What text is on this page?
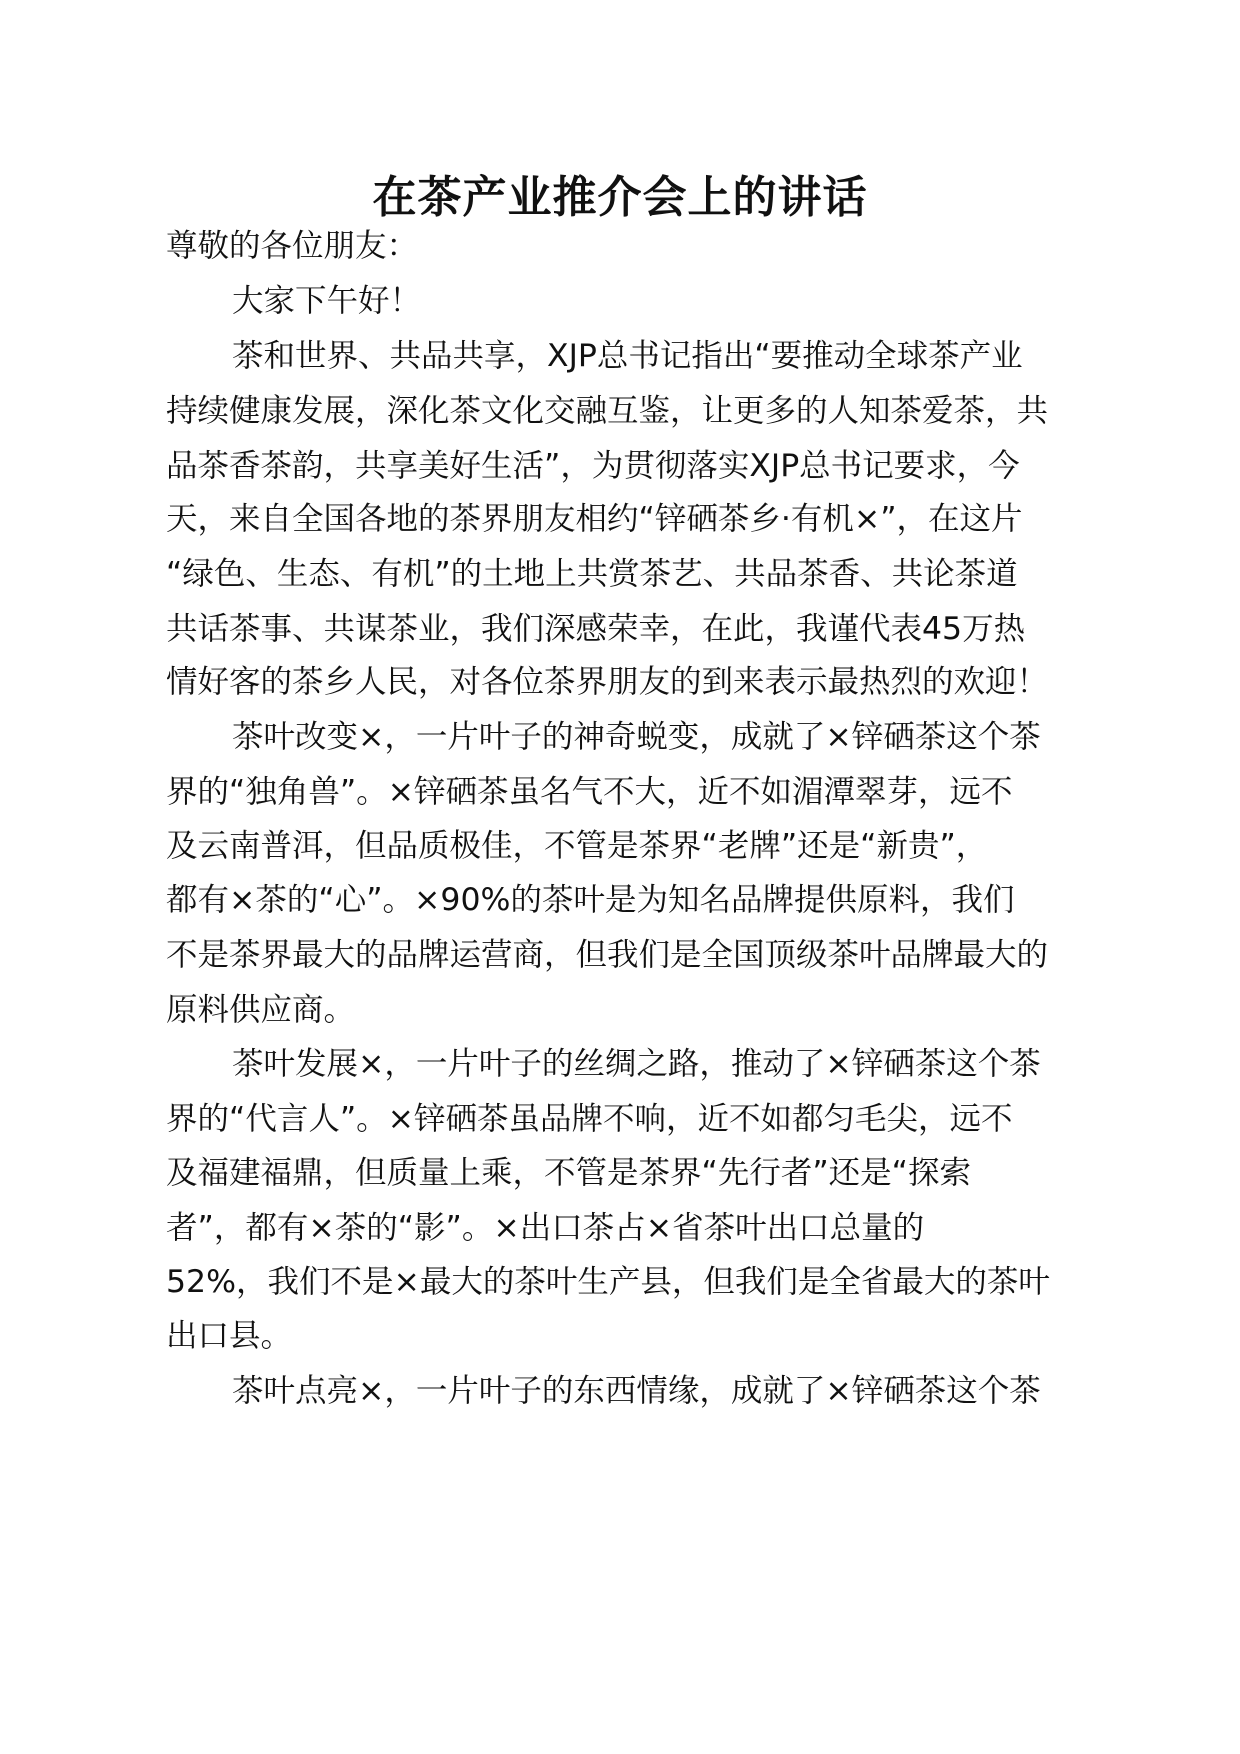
在茶产业推介会上的讲话

尊敬的各位朋友：

大家下午好！

茶和世界、共品共享，XJP总书记指出“要推动全球茶产业

持续健康发展，深化茶文化交融互鉴，让更多的人知茶爱茶，共

品茶香茶韵，共享美好生活”，为贯彻落实XJP总书记要求，今

天，来自全国各地的茶界朋友相约“锌硒茶乡·有机×”，在这片

“绿色、生态、有机”的土地上共赏茶艺、共品茶香、共论茶道

共话茶事、共谋茶业，我们深感荣幸，在此，我谨代表45万热

情好客的茶乡人民，对各位茶界朋友的到来表示最热烈的欢迎！

茶叶改变×，一片叶子的神奇蜕变，成就了×锌硒茶这个茶

界的“独角兽”。×锌硒茶虽名气不大，近不如湄潭翠芽，远不

及云南普洱，但品质极佳，不管是茶界“老牌”还是“新贵”，

都有×茶的“心”。×90%的茶叶是为知名品牌提供原料，我们

不是茶界最大的品牌运营商，但我们是全国顶级茶叶品牌最大的

原料供应商。

茶叶发展×，一片叶子的丝绸之路，推动了×锌硒茶这个茶

界的“代言人”。×锌硒茶虽品牌不响，近不如都匀毛尖，远不

及福建福鼎，但质量上乘，不管是茶界“先行者”还是“探索

者”，都有×茶的“影”。×出口茶占×省茶叶出口总量的

52%，我们不是×最大的茶叶生产县，但我们是全省最大的茶叶

出口县。

茶叶点亮×，一片叶子的东西情缘，成就了×锌硒茶这个茶
